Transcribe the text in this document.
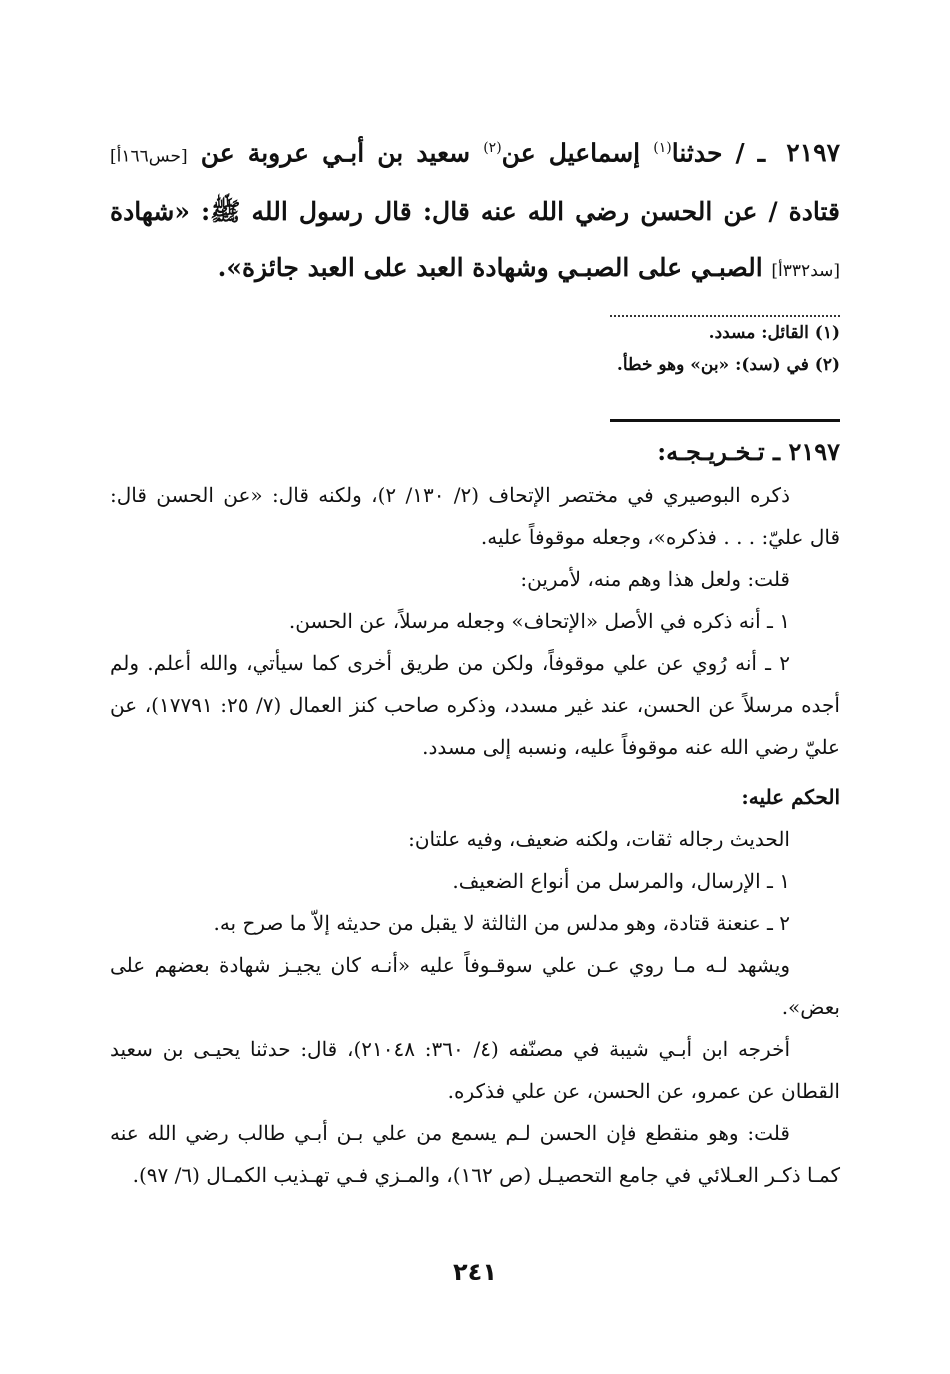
٢١٩٧ ـ / حدثنا$^{(١)}$ إسماعيل عن$^{(٢)}$ سعيد بن أبـي عروبة عن [حس١٦٦أ] قتادة / عن الحسن رضي الله عنه قال: قال رسول الله ﷺ: «شهادة [سد٣٣٢أ] الصبـي على الصبـي وشهادة العبد على العبد جائزة».

(١) القائل: مسدد.

(٢) في (سد): «بن» وهو خطأ.

٢١٩٧ ـ تـخـريـجـه:

ذكره البوصيري في مختصر الإتحاف (٢/ ١٣٠/ ٢)، ولكنه قال: «عن الحسن قال: قال عليّ: . . . فذكره»، وجعله موقوفاً عليه.

قلت: ولعل هذا وهم منه، لأمرين:

١ ـ أنه ذكره في الأصل «الإتحاف» وجعله مرسلاً، عن الحسن.

٢ ـ أنه رُوي عن علي موقوفاً، ولكن من طريق أخرى كما سيأتي، والله أعلم. ولم أجده مرسلاً عن الحسن، عند غير مسدد، وذكره صاحب كنز العمال (٧/ ٢٥: ١٧٧٩١)، عن عليّ رضي الله عنه موقوفاً عليه، ونسبه إلى مسدد.

الحكم عليه:

الحديث رجاله ثقات، ولكنه ضعيف، وفيه علتان:

١ ـ الإرسال، والمرسل من أنواع الضعيف.

٢ ـ عنعنة قتادة، وهو مدلس من الثالثة لا يقبل من حديثه إلاّ ما صرح به.

ويشهد لـه مـا روي عـن علي سوقـوفاً عليه «أنـه كان يجيـز شهادة بعضهم على بعض».

أخرجه ابن أبـي شيبة في مصنّفه (٤/ ٣٦٠: ٢١٠٤٨)، قال: حدثنا يحيـى بن سعيد القطان عن عمرو، عن الحسن، عن علي فذكره.

قلت: وهو منقطع فإن الحسن لـم يسمع من علي بـن أبـي طالب رضي الله عنه كمـا ذكـر العـلائي في جامع التحصيـل (ص ١٦٢)، والمـزي فـي تهـذيب الكمـال (٦/ ٩٧).

٢٤١
